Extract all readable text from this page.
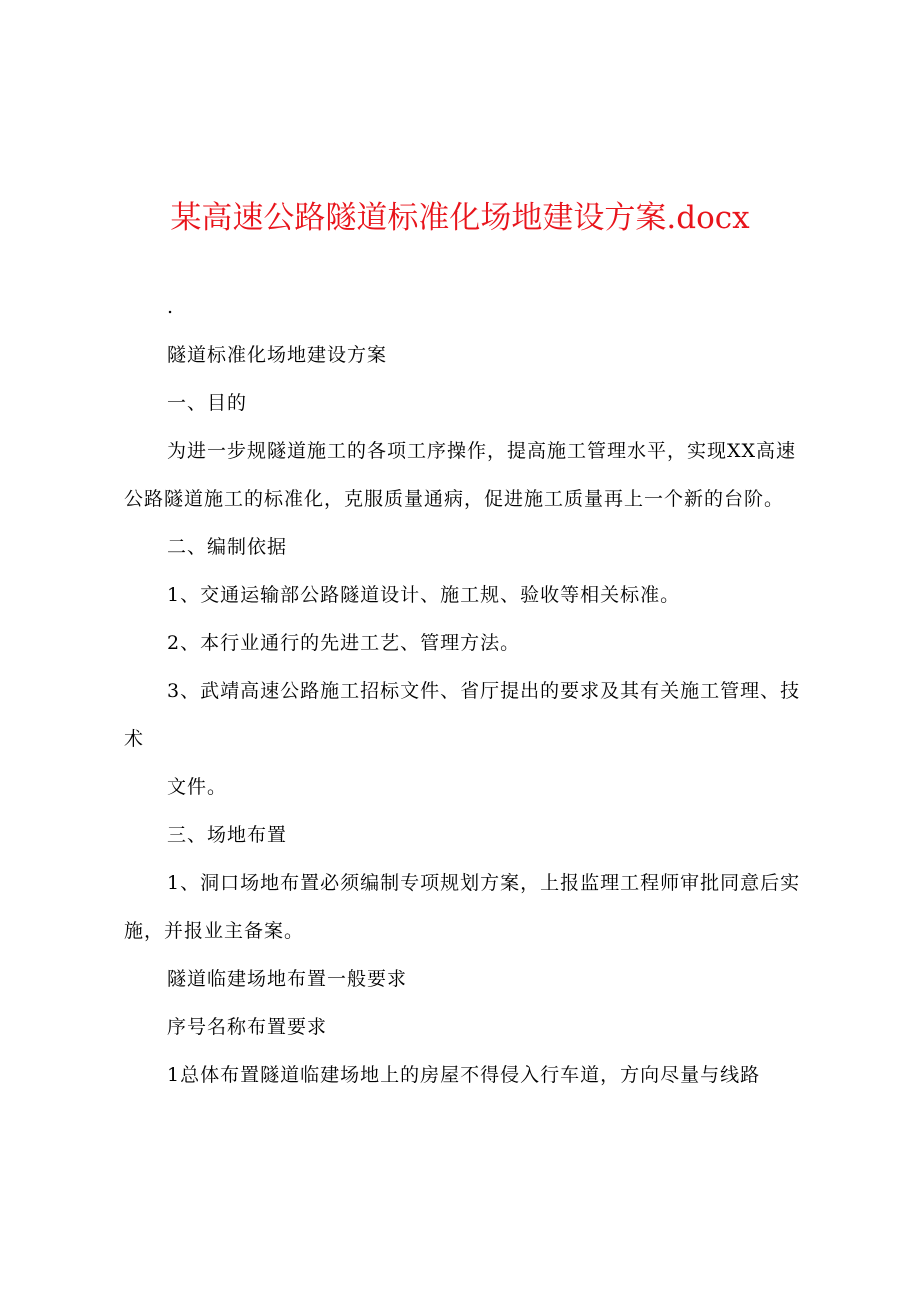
某高速公路隧道标准化场地建设方案.docx

.

隧道标准化场地建设方案

一、目的

为进一步规隧道施工的各项工序操作，提高施工管理水平，实现XX高速公路隧道施工的标准化，克服质量通病，促进施工质量再上一个新的台阶。

二、编制依据

1、交通运输部公路隧道设计、施工规、验收等相关标准。

2、本行业通行的先进工艺、管理方法。

3、武靖高速公路施工招标文件、省厅提出的要求及其有关施工管理、技术

文件。

三、场地布置

1、洞口场地布置必须编制专项规划方案，上报监理工程师审批同意后实施，并报业主备案。

隧道临建场地布置一般要求

序号名称布置要求

1总体布置隧道临建场地上的房屋不得侵入行车道，方向尽量与线路
